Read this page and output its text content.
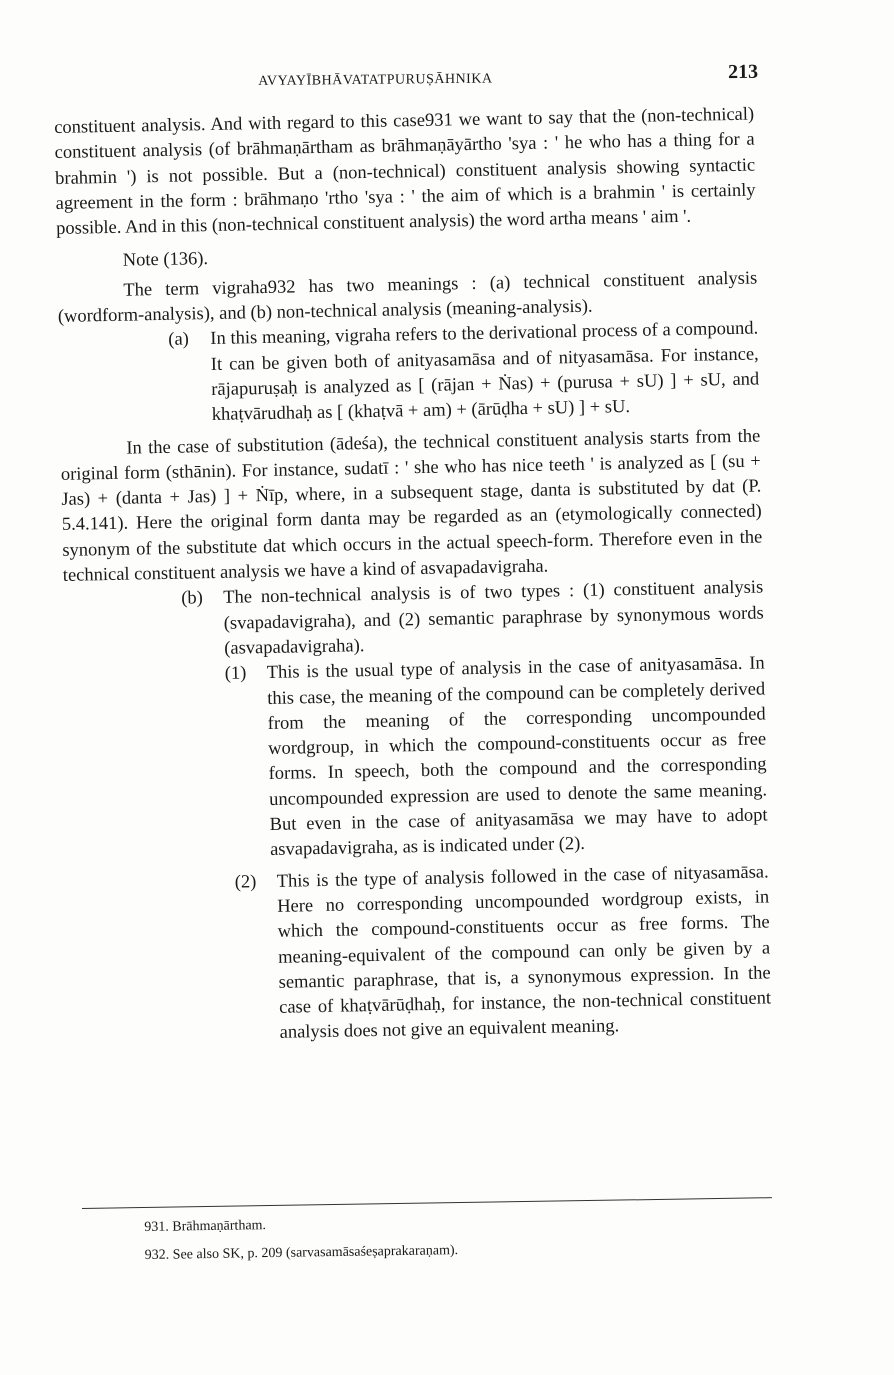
AVYAYĪBHĀVATATPURUṢĀHNIKA	213

constituent analysis. And with regard to this case931 we want to say that the (non-technical) constituent analysis (of brāhmaṇārtham as brāhmaṇāyārtho 'sya : ' he who has a thing for a brahmin ') is not possible. But a (non-technical) constituent analysis showing syntactic agreement in the form : brāhmaṇo 'rtho 'sya : ' the aim of which is a brahmin ' is certainly possible. And in this (non-technical constituent analysis) the word artha means ' aim '.

Note (136).

The term vigraha932 has two meanings : (a) technical constituent analysis (wordform-analysis), and (b) non-technical analysis (meaning-analysis).

(a) In this meaning, vigraha refers to the derivational process of a compound. It can be given both of anityasamāsa and of nityasamāsa. For instance, rājapuruṣaḥ is analyzed as [ (rājan + Ṅas) + (purusa + sU) ] + sU, and khaṭvārudhaḥ as [ (khaṭvā + am) + (ārūḍha + sU) ] + sU.

In the case of substitution (ādeśa), the technical constituent analysis starts from the original form (sthānin). For instance, sudatī : ' she who has nice teeth ' is analyzed as [ (su + Jas) + (danta + Jas) ] + Ṅīp, where, in a subsequent stage, danta is substituted by dat (P. 5.4.141). Here the original form danta may be regarded as an (etymologically connected) synonym of the substitute dat which occurs in the actual speech-form. Therefore even in the technical constituent analysis we have a kind of asvapadavigraha.

(b) The non-technical analysis is of two types : (1) constituent analysis (svapadavigraha), and (2) semantic paraphrase by synonymous words (asvapadavigraha).

(1) This is the usual type of analysis in the case of anityasamāsa. In this case, the meaning of the compound can be completely derived from the meaning of the corresponding uncompounded wordgroup, in which the compound-constituents occur as free forms. In speech, both the compound and the corresponding uncompounded expression are used to denote the same meaning. But even in the case of anityasamāsa we may have to adopt asvapadavigraha, as is indicated under (2).

(2) This is the type of analysis followed in the case of nityasamāsa. Here no corresponding uncompounded wordgroup exists, in which the compound-constituents occur as free forms. The meaning-equivalent of the compound can only be given by a semantic paraphrase, that is, a synonymous expression. In the case of khaṭvārūḍhaḥ, for instance, the non-technical constituent analysis does not give an equivalent meaning.

931. Brāhmaṇārtham.
932. See also SK, p. 209 (sarvasamāsaśeṣaprakaraṇam).
